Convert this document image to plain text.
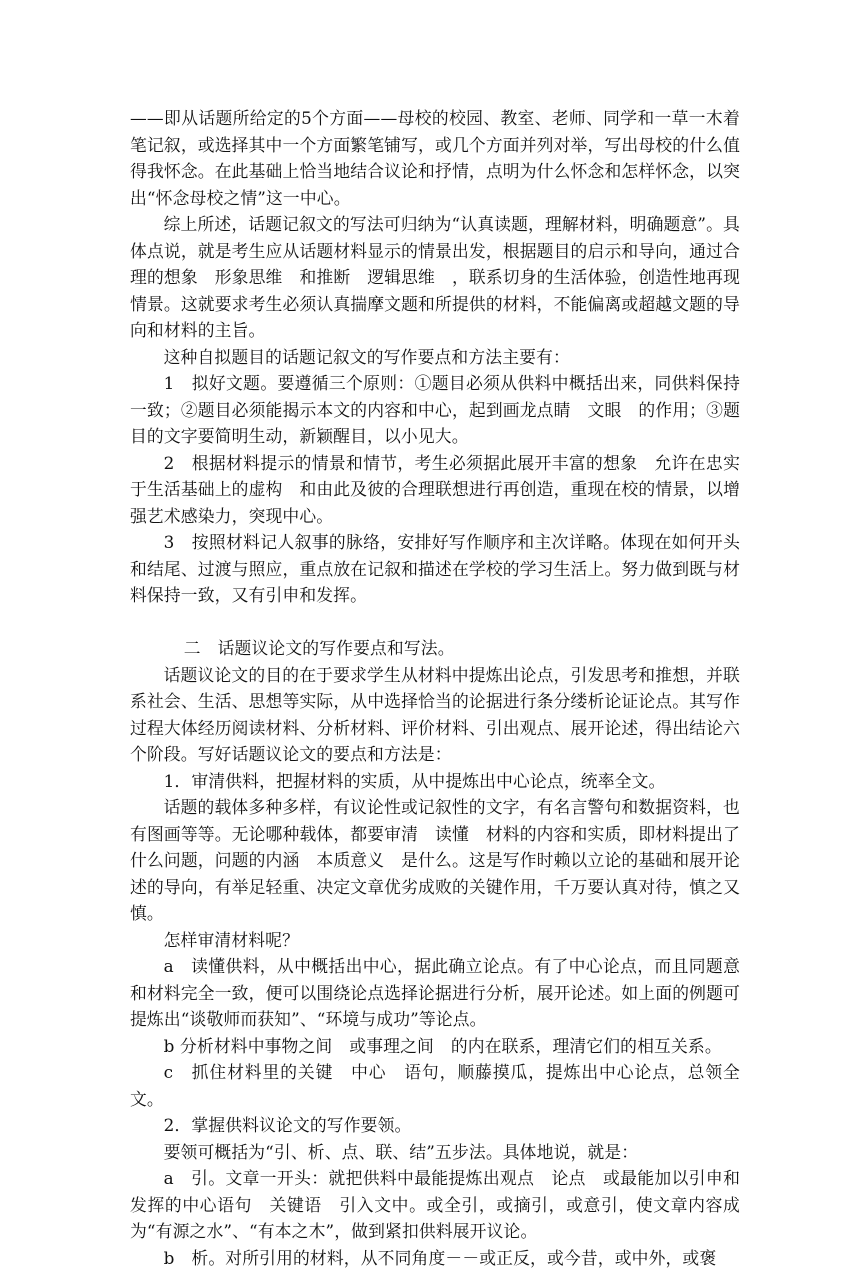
——即从话题所给定的5个方面——母校的校园、教室、老师、同学和一草一木着笔记叙，或选择其中一个方面繁笔铺写，或几个方面并列对举，写出母校的什么值得我怀念。在此基础上恰当地结合议论和抒情，点明为什么怀念和怎样怀念，以突出“怀念母校之情”这一中心。

综上所述，话题记叙文的写法可归纳为“认真读题，理解材料，明确题意”。具体点说，就是考生应从话题材料显示的情景出发，根据题目的启示和导向，通过合理的想象　形象思维　和推断　逻辑思维　，联系切身的生活体验，创造性地再现情景。这就要求考生必须认真揣摩文题和所提供的材料，不能偏离或超越文题的导向和材料的主旨。

这种自拟题目的话题记叙文的写作要点和方法主要有：

1　拟好文题。要遵循三个原则：①题目必须从供料中概括出来，同供料保持一致；②题目必须能揭示本文的内容和中心，起到画龙点睛　文眼　的作用；③题目的文字要简明生动，新颖醒目，以小见大。

2　根据材料提示的情景和情节，考生必须据此展开丰富的想象　允许在忠实于生活基础上的虚构　和由此及彼的合理联想进行再创造，重现在校的情景，以增强艺术感染力，突现中心。

3　按照材料记人叙事的脉络，安排好写作顺序和主次详略。体现在如何开头和结尾、过渡与照应，重点放在记叙和描述在学校的学习生活上。努力做到既与材料保持一致，又有引申和发挥。

二　话题议论文的写作要点和写法。

话题议论文的目的在于要求学生从材料中提炼出论点，引发思考和推想，并联系社会、生活、思想等实际，从中选择恰当的论据进行条分缕析论证论点。其写作过程大体经历阅读材料、分析材料、评价材料、引出观点、展开论述，得出结论六个阶段。写好话题议论文的要点和方法是：

1．审清供料，把握材料的实质，从中提炼出中心论点，统率全文。

话题的载体多种多样，有议论性或记叙性的文字，有名言警句和数据资料，也有图画等等。无论哪种载体，都要审清　读懂　材料的内容和实质，即材料提出了什么问题，问题的内涵　本质意义　是什么。这是写作时赖以立论的基础和展开论述的导向，有举足轻重、决定文章优劣成败的关键作用，千万要认真对待，慎之又慎。

怎样审清材料呢？

a　读懂供料，从中概括出中心，据此确立论点。有了中心论点，而且同题意和材料完全一致，便可以围绕论点选择论据进行分析，展开论述。如上面的例题可提炼出“谈敬师而获知”、“环境与成功”等论点。

b 分析材料中事物之间　或事理之间　的内在联系，理清它们的相互关系。

c　抓住材料里的关键　中心　语句，顺藤摸瓜，提炼出中心论点，总领全文。

2．掌握供料议论文的写作要领。

要领可概括为“引、析、点、联、结”五步法。具体地说，就是：

a　引。文章一开头：就把供料中最能提炼出观点　论点　或最能加以引申和发挥的中心语句　关键语　引入文中。或全引，或摘引，或意引，使文章内容成为“有源之水”、“有本之木”，做到紧扣供料展开议论。

b　析。对所引用的材料，从不同角度－－或正反，或今昔，或中外，或褒
